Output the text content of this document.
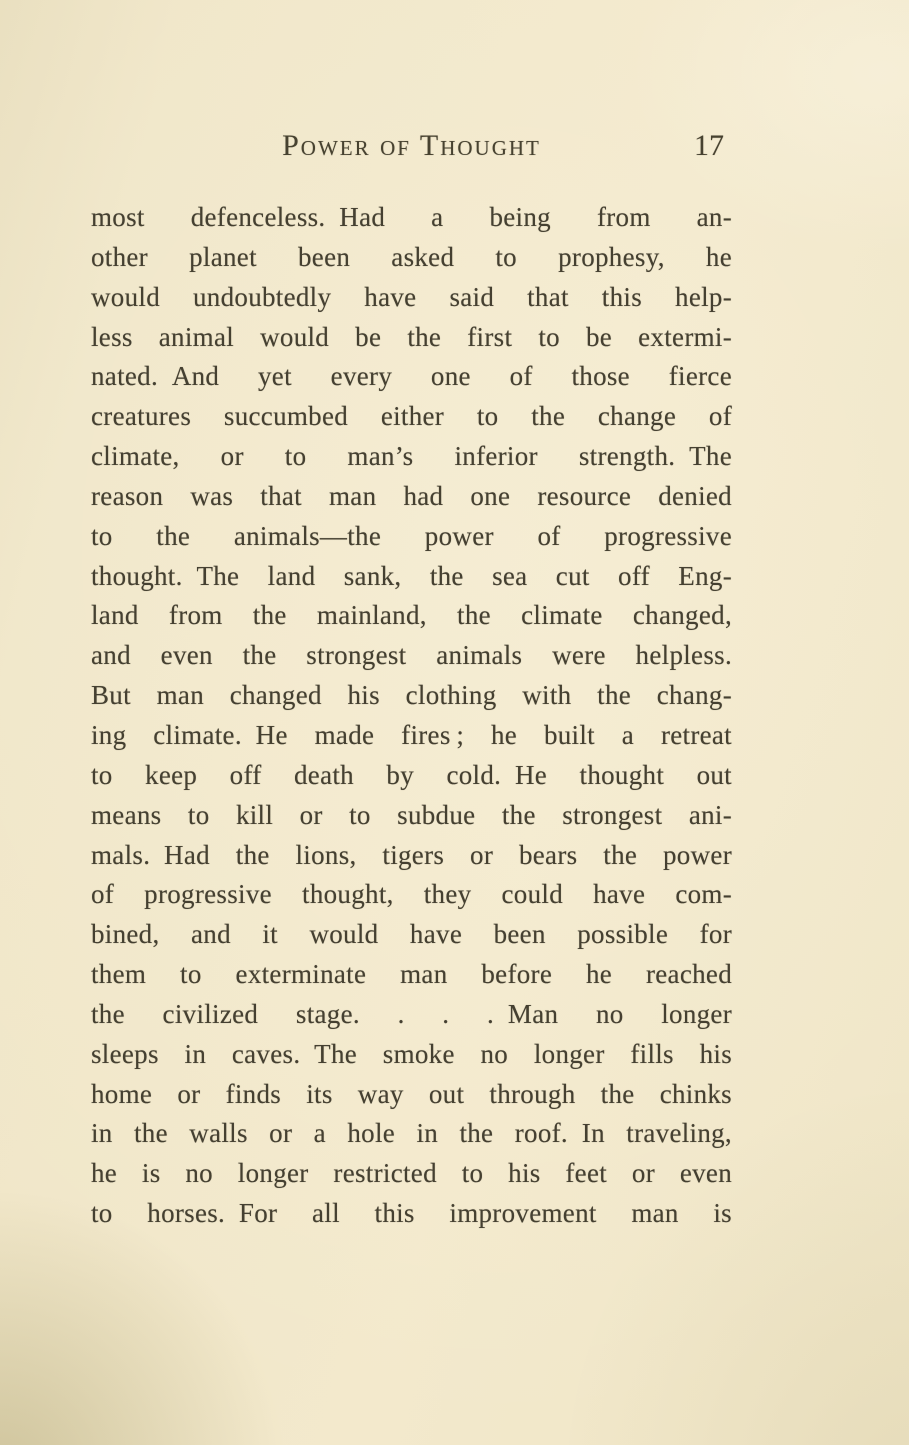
Power of Thought	17
most defenceless. Had a being from an-
other planet been asked to prophesy, he
would undoubtedly have said that this help-
less animal would be the first to be extermi-
nated. And yet every one of those fierce
creatures succumbed either to the change of
climate, or to man’s inferior strength. The
reason was that man had one resource denied
to the animals—the power of progressive
thought. The land sank, the sea cut off Eng-
land from the mainland, the climate changed,
and even the strongest animals were helpless.
But man changed his clothing with the chang-
ing climate. He made fires ; he built a retreat
to keep off death by cold. He thought out
means to kill or to subdue the strongest ani-
mals. Had the lions, tigers or bears the power
of progressive thought, they could have com-
bined, and it would have been possible for
them to exterminate man before he reached
the civilized stage. . . . Man no longer
sleeps in caves. The smoke no longer fills his
home or finds its way out through the chinks
in the walls or a hole in the roof. In traveling,
he is no longer restricted to his feet or even
to horses. For all this improvement man is
